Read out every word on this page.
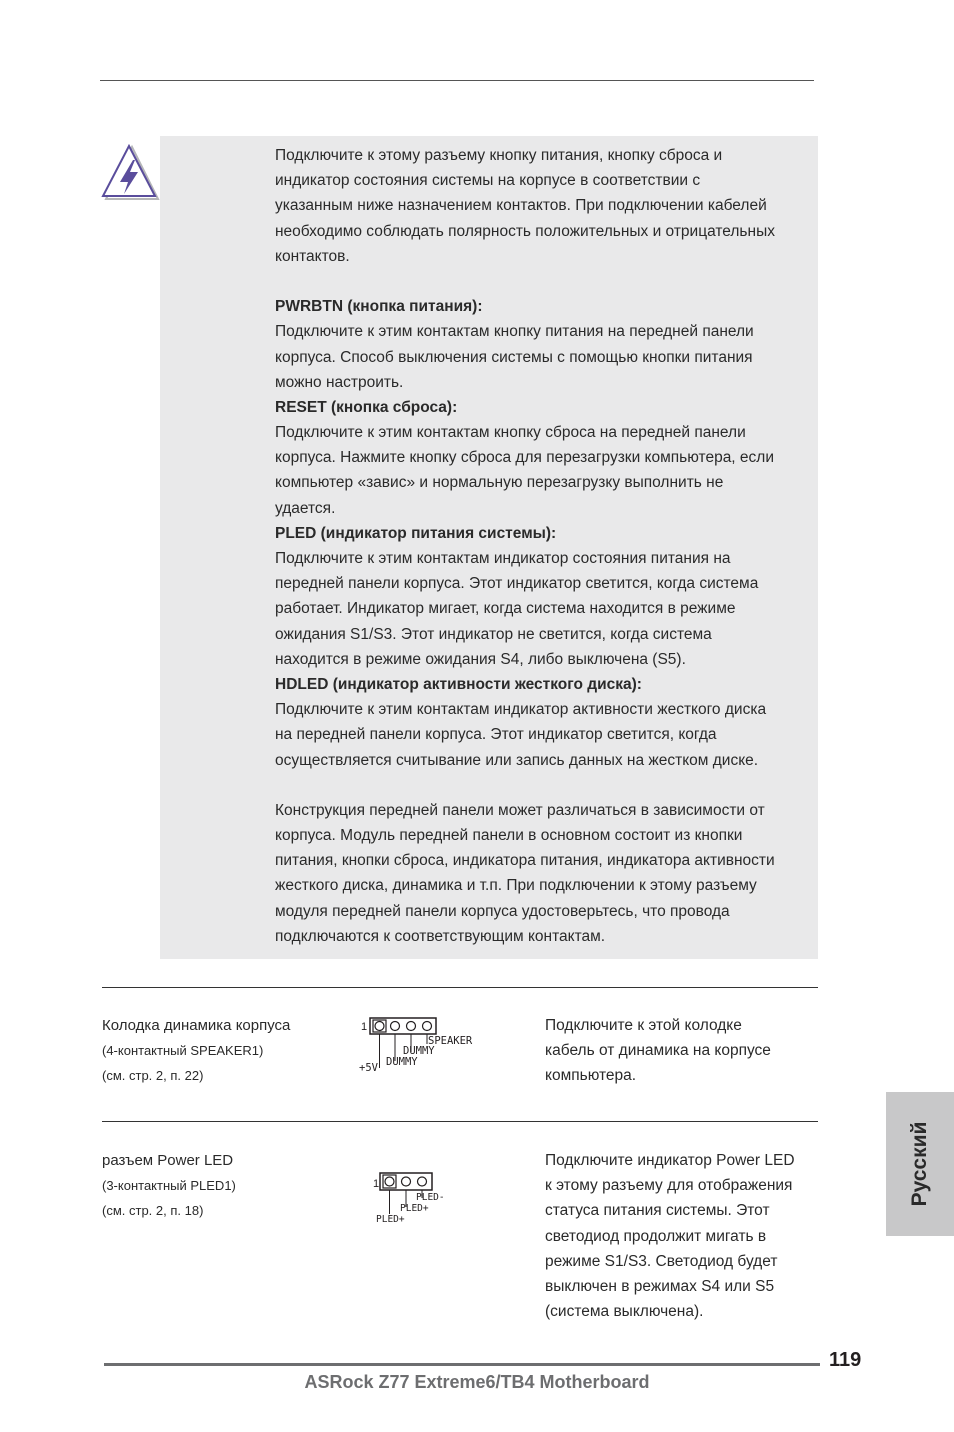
Подключите к этому разъему кнопку питания, кнопку сброса и
индикатор состояния системы на корпусе в соответствии с
указанным ниже назначением контактов. При подключении кабелей
необходимо соблюдать полярность положительных и отрицательных
контактов.
PWRBTN (кнопка питания):
Подключите к этим контактам кнопку питания на передней панели
корпуса. Способ выключения системы с помощью кнопки питания
можно настроить.
RESET (кнопка сброса):
Подключите к этим контактам кнопку сброса на передней панели
корпуса. Нажмите кнопку сброса для перезагрузки компьютера, если
компьютер «завис» и нормальную перезагрузку выполнить не
удается.
PLED (индикатор питания системы):
Подключите к этим контактам индикатор состояния питания на
передней панели корпуса. Этот индикатор светится, когда система
работает. Индикатор мигает, когда система находится в режиме
ожидания S1/S3. Этот индикатор не светится, когда система
находится в режиме ожидания S4, либо выключена (S5).
HDLED (индикатор активности жесткого диска):
Подключите к этим контактам индикатор активности жесткого диска
на передней панели корпуса. Этот индикатор светится, когда
осуществляется считывание или запись данных на жестком диске.
Конструкция передней панели может различаться в зависимости от
корпуса. Модуль передней панели в основном состоит из кнопки
питания, кнопки сброса, индикатора питания, индикатора активности
жесткого диска, динамика и т.п. При подключении к этому разъему
модуля передней панели корпуса удостоверьтесь, что провода
подключаются к соответствующим контактам.
Колодка динамика корпуса
(4-контактный SPEAKER1)
(см. стр. 2, п. 22)
1
SPEAKER
DUMMY
DUMMY
+5V
Подключите к этой колодке
кабель от динамика на корпусе
компьютера.
разъем Power LED
(3-контактный PLED1)
(см. стр. 2, п. 18)
1
PLED-
PLED+
PLED+
Подключите индикатор Power LED
к этому разъему для отображения
статуса питания системы. Этот
светодиод продолжит мигать в
режиме S1/S3. Светодиод будет
выключен в режимах S4 или S5
(система выключена).
Русский
119
ASRock Z77 Extreme6/TB4 Motherboard
